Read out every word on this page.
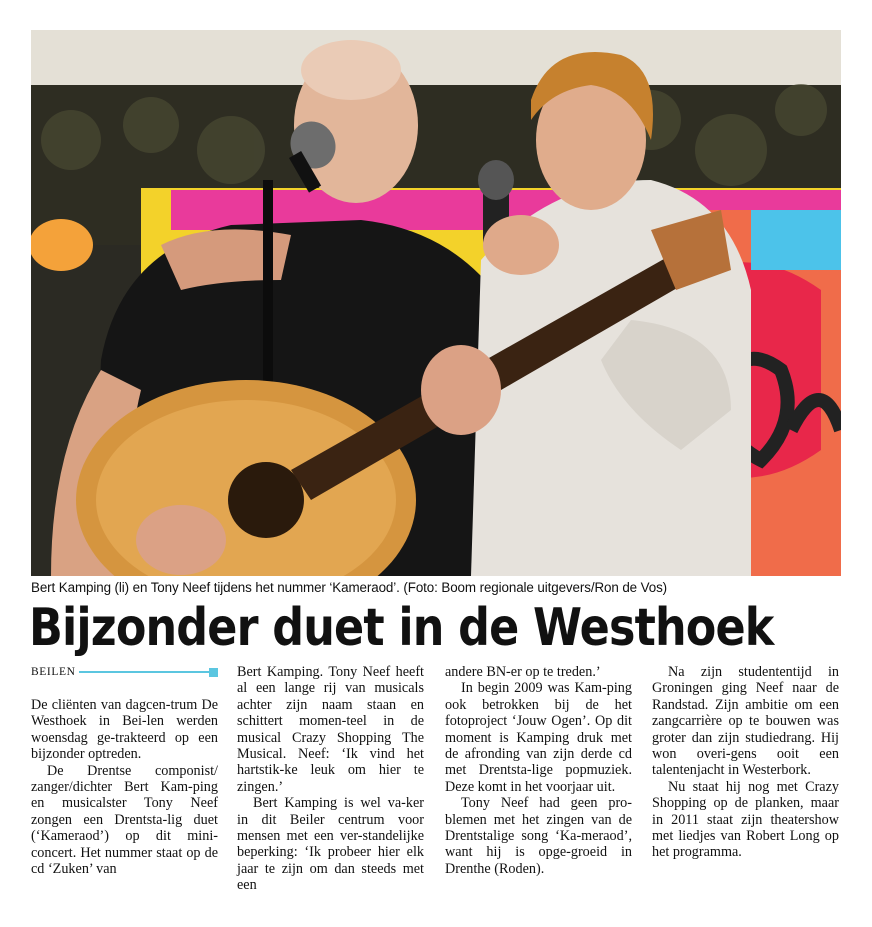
Bert Kamping (li) en Tony Neef tijdens het nummer ‘Kameraod’. (Foto: Boom regionale uitgevers/Ron de Vos)
Bijzonder duet in de Westhoek
BEILEN

De cliënten van dagcen-trum De Westhoek in Bei-len werden woensdag ge-trakteerd op een bijzonder optreden.

De Drentse componist/ zanger/dichter Bert Kam-ping en musicalster Tony Neef zongen een Drentsta-lig duet (‘Kameraod’) op dit mini-concert. Het nummer staat op de cd ‘Zuken’ van

Bert Kamping. Tony Neef heeft al een lange rij van musicals achter zijn naam staan en schittert momen-teel in de musical Crazy Shopping The Musical. Neef: ‘Ik vind het hartstik-ke leuk om hier te zingen.’

Bert Kamping is wel va-ker in dit Beiler centrum voor mensen met een ver-standelijke beperking: ‘Ik probeer hier elk jaar te zijn om dan steeds met een

andere BN-er op te treden.’

In begin 2009 was Kam-ping ook betrokken bij de het fotoproject ‘Jouw Ogen’. Op dit moment is Kamping druk met de afronding van zijn derde cd met Drentsta-lige popmuziek. Deze komt in het voorjaar uit.

Tony Neef had geen pro-blemen met het zingen van de Drentstalige song ‘Ka-meraod’, want hij is opge-groeid in Drenthe (Roden).

Na zijn studententijd in Groningen ging Neef naar de Randstad. Zijn ambitie om een zangcarrière op te bouwen was groter dan zijn studiedrang. Hij won overi-gens ooit een talentenjacht in Westerbork.

Nu staat hij nog met Crazy Shopping op de planken, maar in 2011 staat zijn theatershow met liedjes van Robert Long op het programma.
